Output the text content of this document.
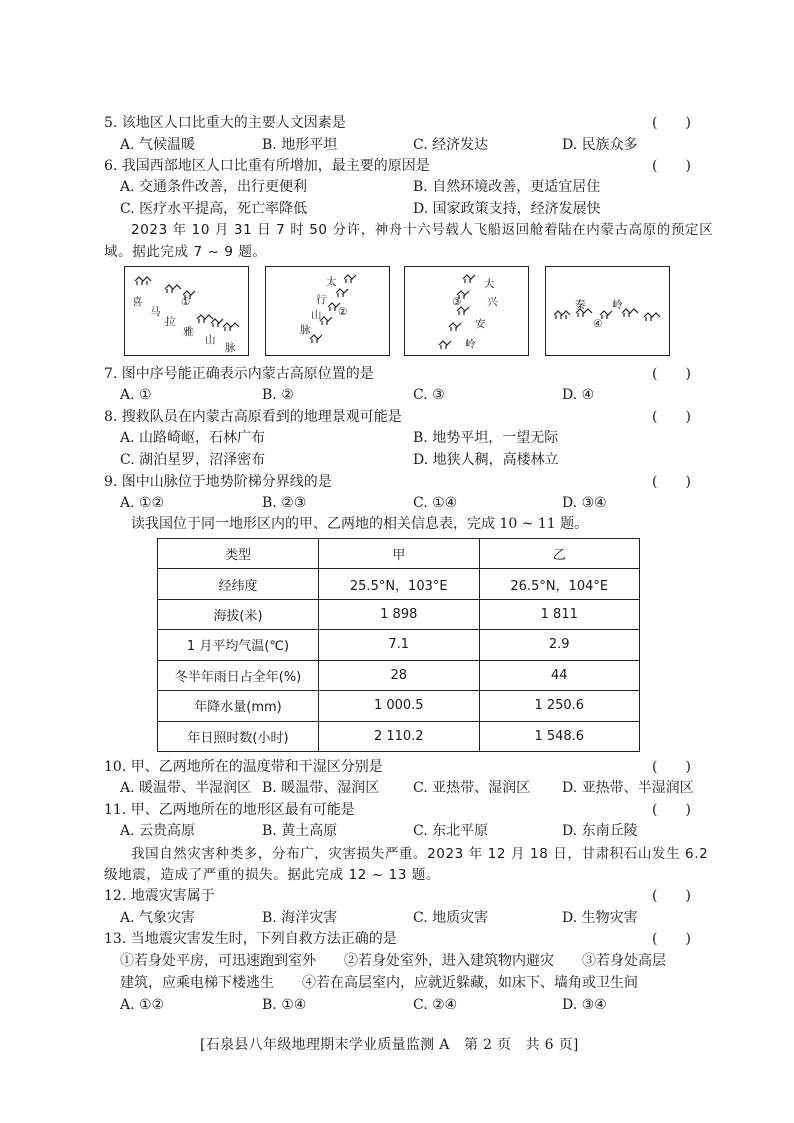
5. 该地区人口比重大的主要人文因素是	(　　)
A. 气候温暖	B. 地形平坦	C. 经济发达	D. 民族众多
6. 我国西部地区人口比重有所增加，最主要的原因是	(　　)
A. 交通条件改善，出行更便利	B. 自然环境改善，更适宜居住
C. 医疗水平提高，死亡率降低	D. 国家政策支持，经济发展快
2023 年 10 月 31 日 7 时 50 分许，神舟十六号载人飞船返回舱着陆在内蒙古高原的预定区
域。据此完成 7 ~ 9 题。
喜
马
拉
①
雅
山
脉
太
行
山 ②
脉
大
兴
③
安
岭
秦	岭
④
7. 图中序号能正确表示内蒙古高原位置的是	(　　)
A. ①	B. ②	C. ③	D. ④
8. 搜救队员在内蒙古高原看到的地理景观可能是	(　　)
A. 山路崎岖，石林广布	B. 地势平坦，一望无际
C. 湖泊星罗，沼泽密布	D. 地狭人稠，高楼林立
9. 图中山脉位于地势阶梯分界线的是	(　　)
A. ①②	B. ②③	C. ①④	D. ③④
读我国位于同一地形区内的甲、乙两地的相关信息表，完成 10 ~ 11 题。
类型	甲	乙
经纬度	25.5°N，103°E	26.5°N，104°E
海拔(米)	1 898	1 811
1 月平均气温(℃)	7.1	2.9
冬半年雨日占全年(%)	28	44
年降水量(mm)	1 000.5	1 250.6
年日照时数(小时)	2 110.2	1 548.6
10. 甲、乙两地所在的温度带和干湿区分别是	(　　)
A. 暖温带、半湿润区 B. 暖温带、湿润区 C. 亚热带、湿润区 D. 亚热带、半湿润区
11. 甲、乙两地所在的地形区最有可能是	(　　)
A. 云贵高原	B. 黄土高原	C. 东北平原	D. 东南丘陵
我国自然灾害种类多，分布广，灾害损失严重。2023 年 12 月 18 日，甘肃积石山发生 6.2
级地震，造成了严重的损失。据此完成 12 ~ 13 题。
12. 地震灾害属于	(　　)
A. 气象灾害	B. 海洋灾害	C. 地质灾害	D. 生物灾害
13. 当地震灾害发生时，下列自救方法正确的是	(　　)
①若身处平房，可迅速跑到室外　　②若身处室外，进入建筑物内避灾　　③若身处高层
建筑，应乘电梯下楼逃生　　④若在高层室内，应就近躲藏，如床下、墙角或卫生间
A. ①②	B. ①④	C. ②④	D. ③④
[石泉县八年级地理期末学业质量监测 A　第 2 页　共 6 页]
